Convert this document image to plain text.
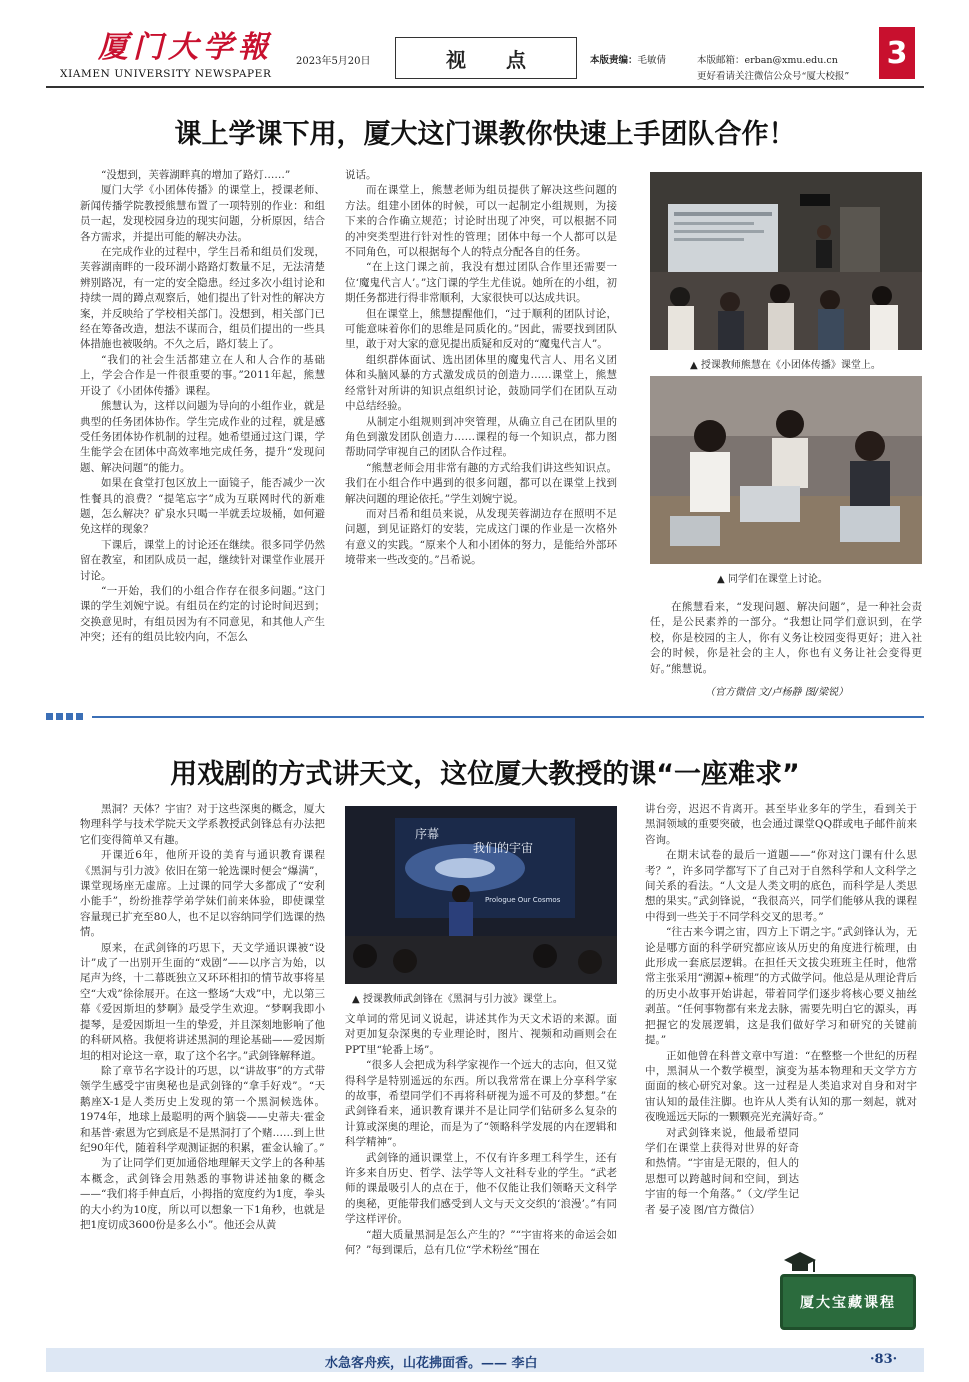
厦门大学報
XIAMEN UNIVERSITY NEWSPAPER
2023年5月20日	视点	本版责编：毛敏倩	本版邮箱：erban@xmu.edu.cn
更好看请关注微信公众号“厦大校报”
3
课上学课下用，厦大这门课教你快速上手团队合作！

“没想到，芙蓉湖畔真的增加了路灯……”

厦门大学《小团体传播》的课堂上，授课老师、新闻传播学院教授熊慧布置了一项特别的作业：和组员一起，发现校园身边的现实问题，分析原因，结合各方需求，并提出可能的解决办法。

在完成作业的过程中，学生吕希和组员们发现，芙蓉湖南畔的一段环湖小路路灯数量不足，无法清楚辨别路况，有一定的安全隐患。经过多次小组讨论和持续一周的蹲点观察后，她们提出了针对性的解决方案，并反映给了学校相关部门。没想到，相关部门已经在筹备改造，想法不谋而合，组员们提出的一些具体措施也被吸纳。不久之后，路灯装上了。

“我们的社会生活都建立在人和人合作的基础上，学会合作是一件很重要的事。”2011年起，熊慧开设了《小团体传播》课程。

熊慧认为，这样以问题为导向的小组作业，就是典型的任务团体协作。学生完成作业的过程，就是感受任务团体协作机制的过程。她希望通过这门课，学生能学会在团体中高效率地完成任务，提升“发现问题、解决问题”的能力。

如果在食堂打包区放上一面镜子，能否减少一次性餐具的浪费？“提笔忘字”成为互联网时代的新难题，怎么解决？矿泉水只喝一半就丢垃圾桶，如何避免这样的现象？

下课后，课堂上的讨论还在继续。很多同学仍然留在教室，和团队成员一起，继续针对课堂作业展开讨论。

“一开始，我们的小组合作存在很多问题。”这门课的学生刘婉宁说。有组员在约定的讨论时间迟到；交换意见时，有组员因为有不同意见，和其他人产生冲突；还有的组员比较内向，不怎么

说话。

而在课堂上，熊慧老师为组员提供了解决这些问题的方法。组建小团体的时候，可以一起制定小组规则，为接下来的合作确立规范；讨论时出现了冲突，可以根据不同的冲突类型进行针对性的管理；团体中每一个人都可以是不同角色，可以根据每个人的特点分配各自的任务。

“在上这门课之前，我没有想过团队合作里还需要一位‘魔鬼代言人’。”这门课的学生尤佳说。她所在的小组，初期任务都进行得非常顺利，大家很快可以达成共识。

但在课堂上，熊慧提醒他们，“过于顺利的团队讨论，可能意味着你们的思维是同质化的。”因此，需要找到团队里，敢于对大家的意见提出质疑和反对的“魔鬼代言人”。

组织群体面试、选出团体里的魔鬼代言人、用名义团体和头脑风暴的方式激发成员的创造力……课堂上，熊慧经常针对所讲的知识点组织讨论，鼓励同学们在团队互动中总结经验。

从制定小组规则到冲突管理，从确立自己在团队里的角色到激发团队创造力……课程的每一个知识点，都力图帮助同学审视自己的团队合作过程。

“熊慧老师会用非常有趣的方式给我们讲这些知识点。我们在小组合作中遇到的很多问题，都可以在课堂上找到解决问题的理论依托。”学生刘婉宁说。

而对吕希和组员来说，从发现芙蓉湖边存在照明不足问题，到见证路灯的安装，完成这门课的作业是一次格外有意义的实践。“原来个人和小团体的努力，是能给外部环境带来一些改变的。”吕希说。

▲ 授课教师熊慧在《小团体传播》课堂上。
▲ 同学们在课堂上讨论。

在熊慧看来，“发现问题、解决问题”，是一种社会责任，是公民素养的一部分。“我想让同学们意识到，在学校，你是校园的主人，你有义务让校园变得更好；进入社会的时候，你是社会的主人，你也有义务让社会变得更好。”熊慧说。

（官方微信 文/卢杨静 图/梁锐）
用戏剧的方式讲天文，这位厦大教授的课“一座难求”

黑洞？天体？宇宙？对于这些深奥的概念，厦大物理科学与技术学院天文学系教授武剑锋总有办法把它们变得简单又有趣。

开课近6年，他所开设的美育与通识教育课程《黑洞与引力波》依旧在第一轮选课时便会“爆满”，课堂现场座无虚席。上过课的同学大多都成了“安利小能手”，纷纷推荐学弟学妹们前来体验，即使课堂容量现已扩充至80人，也不足以容纳同学们选课的热情。

原来，在武剑锋的巧思下，天文学通识课被“设计”成了一出别开生面的“戏剧”——以序言为始，以尾声为终，十二幕既独立又环环相扣的情节故事将星空“大戏”徐徐展开。在这一整场“大戏”中，尤以第三幕《爱因斯坦的梦啊》最受学生欢迎。“梦啊我即小提琴，是爱因斯坦一生的挚爱，并且深刻地影响了他的科研风格。我便将讲述黑洞的理论基础——爱因斯坦的相对论这一章，取了这个名字。”武剑锋解释道。

除了章节名字设计的巧思，以“讲故事”的方式带领学生感受宇宙奥秘也是武剑锋的“拿手好戏”。“天鹅座X-1是人类历史上发现的第一个黑洞候选体。1974年，地球上最聪明的两个脑袋——史蒂夫·霍金和基普·索恩为它到底是不是黑洞打了个赌……到上世纪90年代，随着科学观测证据的积累，霍金认输了。”

为了让同学们更加通俗地理解天文学上的各种基本概念，武剑锋会用熟悉的事物讲述抽象的概念——“我们将手伸直后，小拇指的宽度约为1度，拳头的大小约为10度，所以可以想象一下1角秒，也就是把1度切成3600份是多么小”。他还会从黄

序幕
我们的宇宙
Prologue Our Cosmos
▲ 授课教师武剑锋在《黑洞与引力波》课堂上。

文单词的常见词义说起，讲述其作为天文术语的来源。面对更加复杂深奥的专业理论时，图片、视频和动画则会在PPT里“轮番上场”。

“很多人会把成为科学家视作一个远大的志向，但又觉得科学是特别遥远的东西。所以我常常在课上分享科学家的故事，希望同学们不再将科研视为遥不可及的梦想。”在武剑锋看来，通识教育课并不是让同学们钻研多么复杂的计算或深奥的理论，而是为了“领略科学发展的内在逻辑和科学精神”。

武剑锋的通识课堂上，不仅有许多理工科学生，还有许多来自历史、哲学、法学等人文社科专业的学生。“武老师的课最吸引人的点在于，他不仅能让我们领略天文科学的奥秘，更能带我们感受到人文与天文交织的‘浪漫’。”有同学这样评价。

“超大质量黑洞是怎么产生的？”“宇宙将来的命运会如何？”每到课后，总有几位“学术粉丝”围在

讲台旁，迟迟不肯离开。甚至毕业多年的学生，看到关于黑洞领域的重要突破，也会通过课堂QQ群或电子邮件前来咨询。

在期末试卷的最后一道题——“你对这门课有什么思考？”，许多同学都写下了自己对于自然科学和人文科学之间关系的看法。“人文是人类文明的底色，而科学是人类思想的果实。”武剑锋说，“我很高兴，同学们能够从我的课程中得到一些关于不同学科交叉的思考。”

“往古来今谓之宙，四方上下谓之宇。”武剑锋认为，无论是哪方面的科学研究都应该从历史的角度进行梳理，由此形成一套底层逻辑。在担任天文拔尖班班主任时，他常常主张采用“溯源+梳理”的方式做学问。他总是从理论背后的历史小故事开始讲起，带着同学们逐步将核心要义抽丝剥茧。“任何事物都有来龙去脉，需要先明白它的源头，再把握它的发展逻辑，这是我们做好学习和研究的关键前提。”

正如他曾在科普文章中写道：“在整整一个世纪的历程中，黑洞从一个数学模型，演变为基本物理和天文学方方面面的核心研究对象。这一过程是人类追求对自身和对宇宙认知的最佳注脚。也许从人类有认知的那一刻起，就对夜晚遥远天际的一颗颗亮光充满好奇。”

对武剑锋来说，他最希望同学们在课堂上获得对世界的好奇和热情。“宇宙是无限的，但人的思想可以跨越时间和空间，到达宇宙的每一个角落。”（文/学生记者 晏子凌 图/官方微信）

厦大宝藏课程
水急客舟疾，山花拂面香。—— 李白	·83·
